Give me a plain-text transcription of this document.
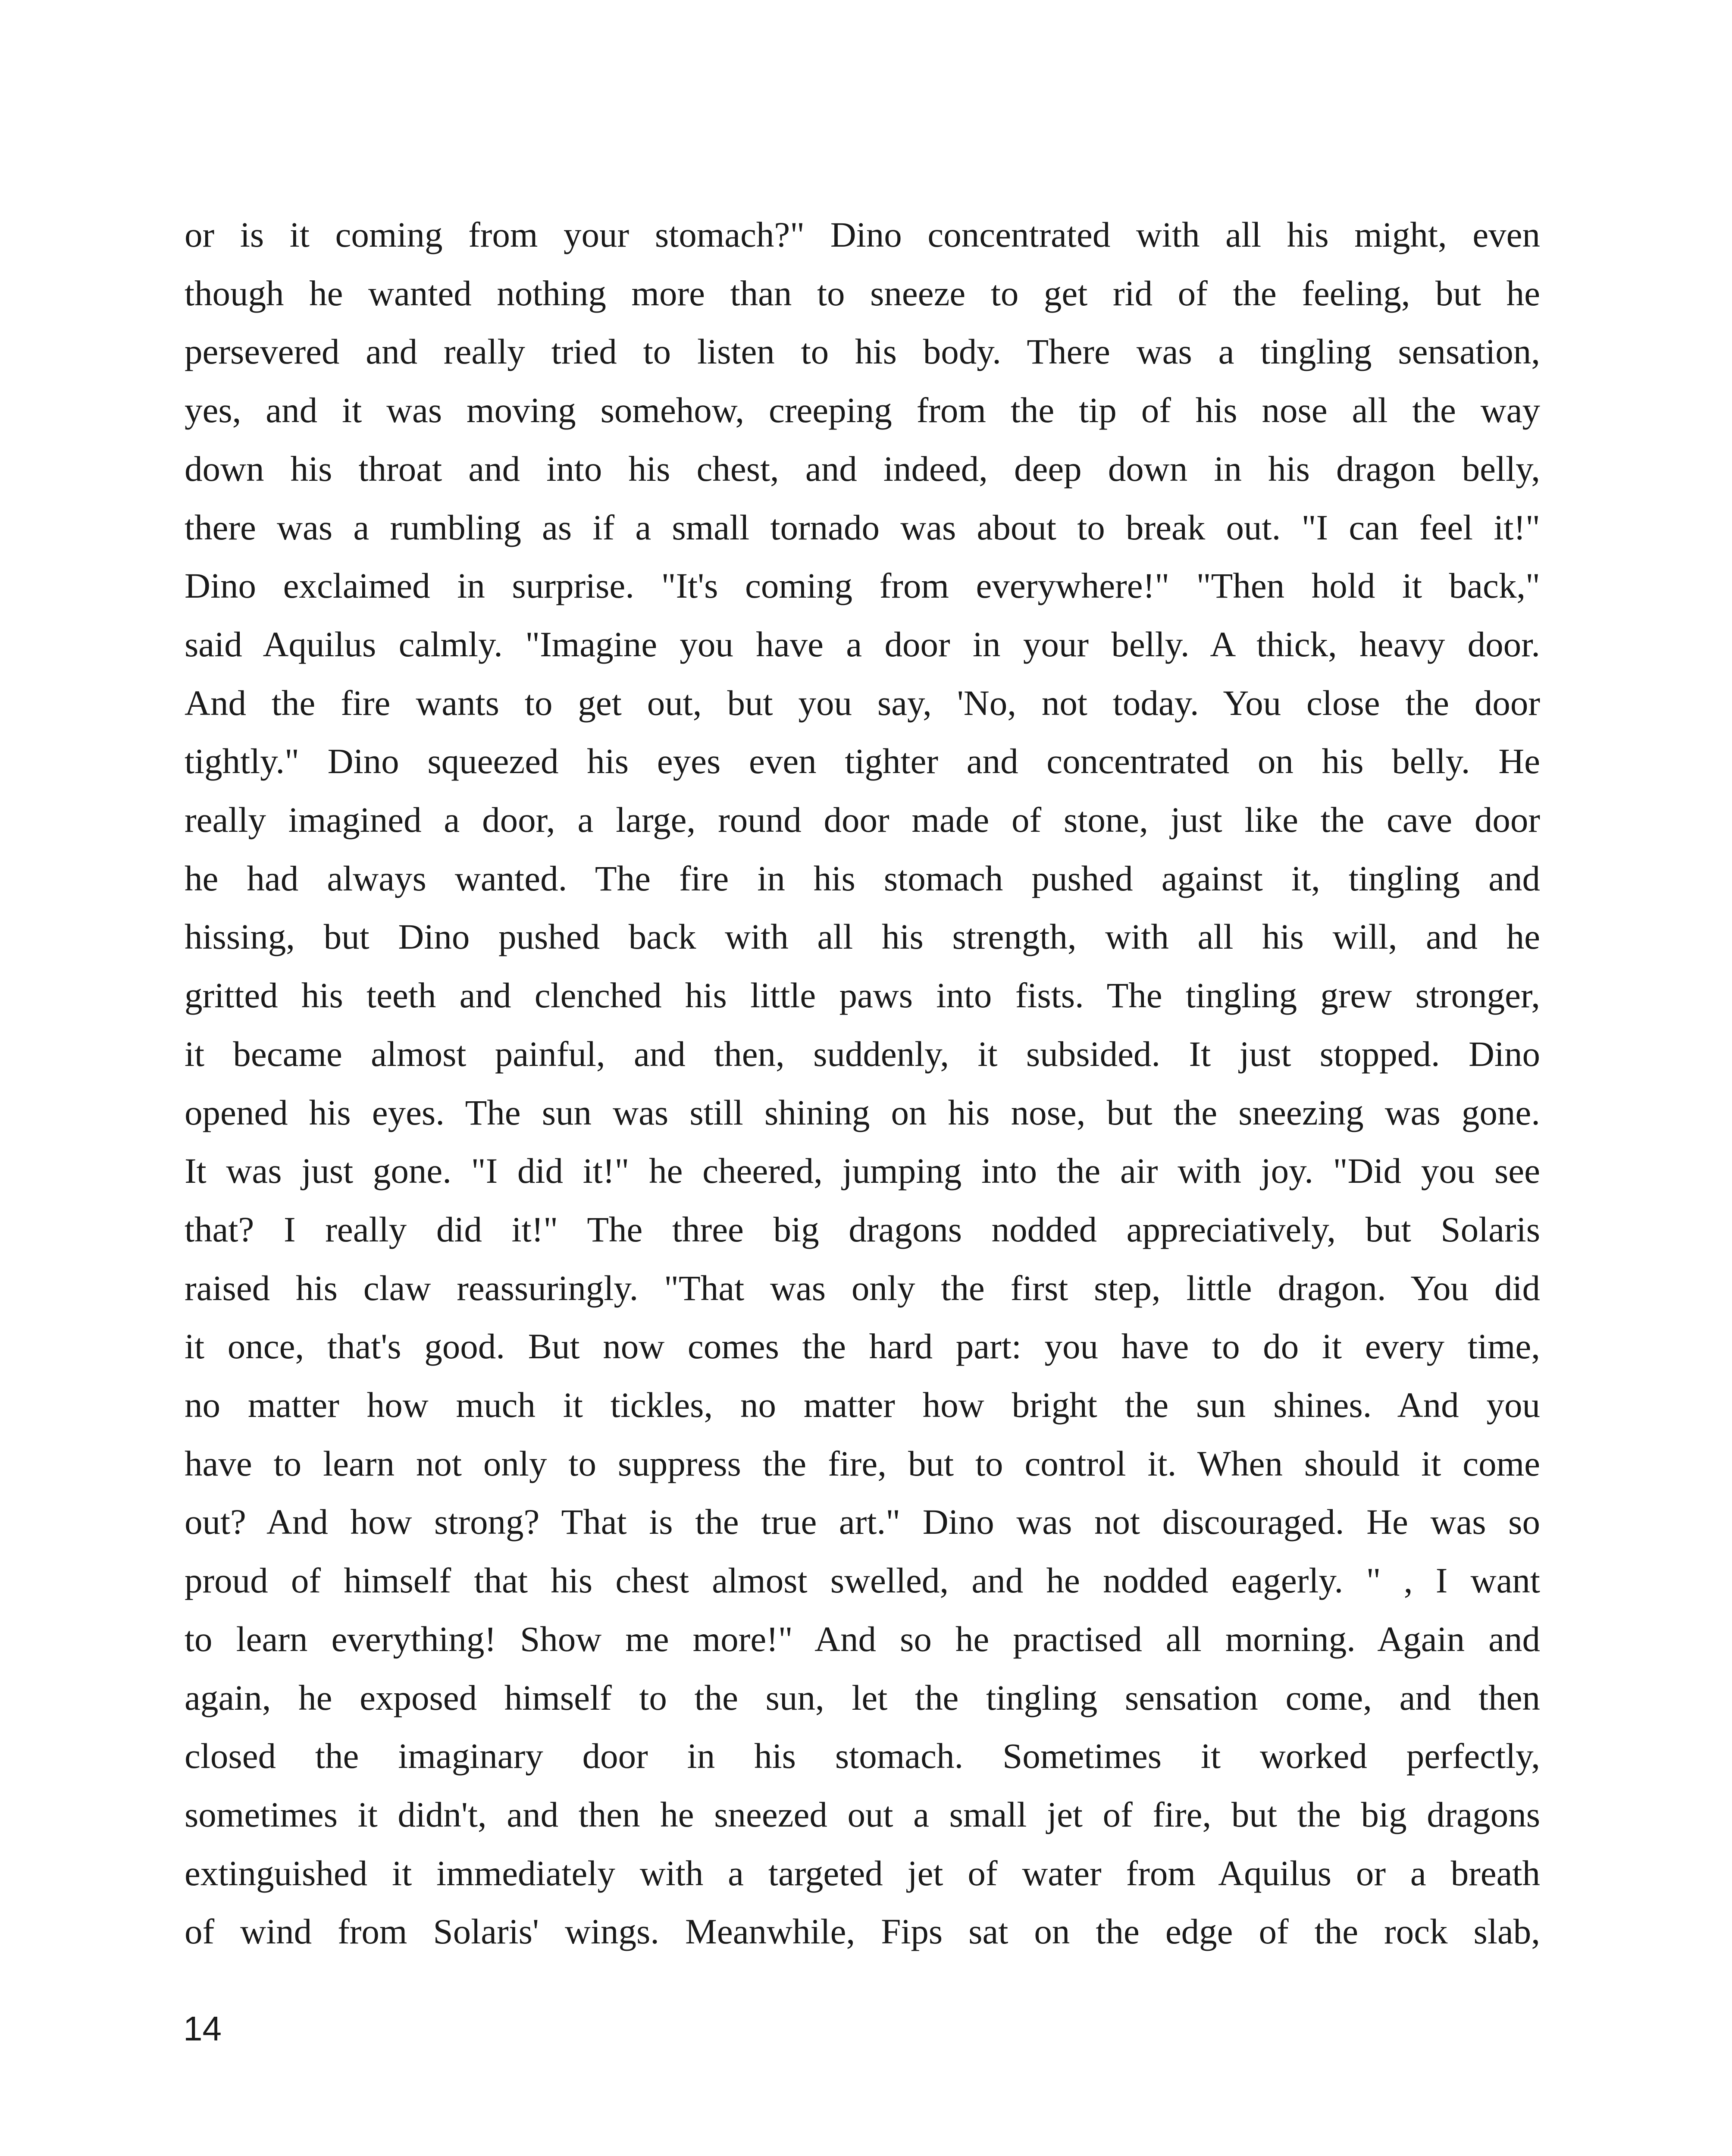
or is it coming from your stomach?" Dino concentrated with all his might, even
though he wanted nothing more than to sneeze to get rid of the feeling, but he
persevered and really tried to listen to his body. There was a tingling sensation,
yes, and it was moving somehow, creeping from the tip of his nose all the way
down his throat and into his chest, and indeed, deep down in his dragon belly,
there was a rumbling as if a small tornado was about to break out. "I can feel it!"
Dino exclaimed in surprise. "It's coming from everywhere!" "Then hold it back,"
said Aquilus calmly. "Imagine you have a door in your belly. A thick, heavy door.
And the fire wants to get out, but you say, 'No, not today. You close the door
tightly." Dino squeezed his eyes even tighter and concentrated on his belly. He
really imagined a door, a large, round door made of stone, just like the cave door
he had always wanted. The fire in his stomach pushed against it, tingling and
hissing, but Dino pushed back with all his strength, with all his will, and he
gritted his teeth and clenched his little paws into fists. The tingling grew stronger,
it became almost painful, and then, suddenly, it subsided. It just stopped. Dino
opened his eyes. The sun was still shining on his nose, but the sneezing was gone.
It was just gone. "I did it!" he cheered, jumping into the air with joy. "Did you see
that? I really did it!" The three big dragons nodded appreciatively, but Solaris
raised his claw reassuringly. "That was only the first step, little dragon. You did
it once, that's good. But now comes the hard part: you have to do it every time,
no matter how much it tickles, no matter how bright the sun shines. And you
have to learn not only to suppress the fire, but to control it. When should it come
out? And how strong? That is the true art." Dino was not discouraged. He was so
proud of himself that his chest almost swelled, and he nodded eagerly. " , I want
to learn everything! Show me more!" And so he practised all morning. Again and
again, he exposed himself to the sun, let the tingling sensation come, and then
closed the imaginary door in his stomach. Sometimes it worked perfectly,
sometimes it didn't, and then he sneezed out a small jet of fire, but the big dragons
extinguished it immediately with a targeted jet of water from Aquilus or a breath
of wind from Solaris' wings. Meanwhile, Fips sat on the edge of the rock slab,
14
